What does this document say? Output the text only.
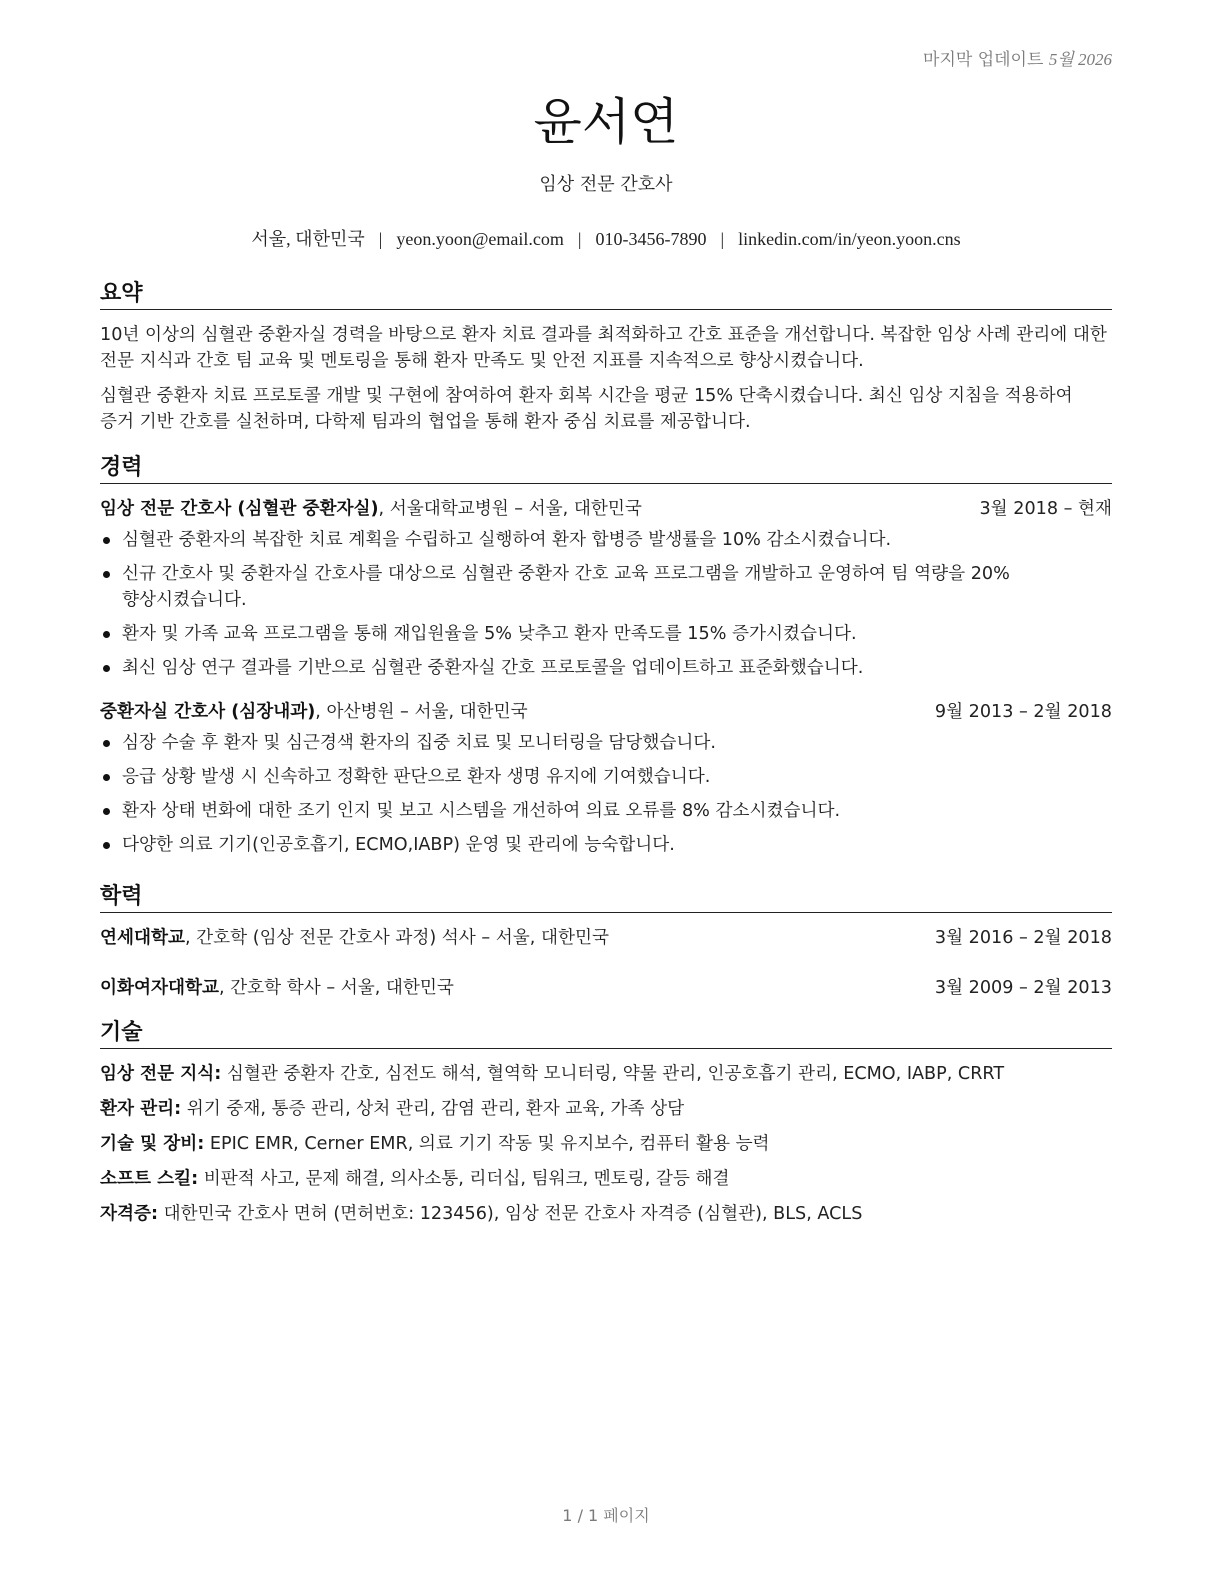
마지막 업데이트 5월 2026
윤서연
임상 전문 간호사
서울, 대한민국 | yeon.yoon@email.com | 010-3456-7890 | linkedin.com/in/yeon.yoon.cns
요약

10년 이상의 심혈관 중환자실 경력을 바탕으로 환자 치료 결과를 최적화하고 간호 표준을 개선합니다. 복잡한 임상 사례 관리에 대한 전문 지식과 간호 팀 교육 및 멘토링을 통해 환자 만족도 및 안전 지표를 지속적으로 향상시켰습니다.

심혈관 중환자 치료 프로토콜 개발 및 구현에 참여하여 환자 회복 시간을 평균 15% 단축시켰습니다. 최신 임상 지침을 적용하여 증거 기반 간호를 실천하며, 다학제 팀과의 협업을 통해 환자 중심 치료를 제공합니다.

경력
임상 전문 간호사 (심혈관 중환자실), 서울대학교병원 – 서울, 대한민국	3월 2018 – 현재
심혈관 중환자의 복잡한 치료 계획을 수립하고 실행하여 환자 합병증 발생률을 10% 감소시켰습니다.
신규 간호사 및 중환자실 간호사를 대상으로 심혈관 중환자 간호 교육 프로그램을 개발하고 운영하여 팀 역량을 20% 향상시켰습니다.
환자 및 가족 교육 프로그램을 통해 재입원율을 5% 낮추고 환자 만족도를 15% 증가시켰습니다.
최신 임상 연구 결과를 기반으로 심혈관 중환자실 간호 프로토콜을 업데이트하고 표준화했습니다.
중환자실 간호사 (심장내과), 아산병원 – 서울, 대한민국	9월 2013 – 2월 2018
심장 수술 후 환자 및 심근경색 환자의 집중 치료 및 모니터링을 담당했습니다.
응급 상황 발생 시 신속하고 정확한 판단으로 환자 생명 유지에 기여했습니다.
환자 상태 변화에 대한 조기 인지 및 보고 시스템을 개선하여 의료 오류를 8% 감소시켰습니다.
다양한 의료 기기(인공호흡기, ECMO,IABP) 운영 및 관리에 능숙합니다.
학력
연세대학교, 간호학 (임상 전문 간호사 과정) 석사 – 서울, 대한민국	3월 2016 – 2월 2018
이화여자대학교, 간호학 학사 – 서울, 대한민국	3월 2009 – 2월 2013
기술
임상 전문 지식: 심혈관 중환자 간호, 심전도 해석, 혈역학 모니터링, 약물 관리, 인공호흡기 관리, ECMO, IABP, CRRT
환자 관리: 위기 중재, 통증 관리, 상처 관리, 감염 관리, 환자 교육, 가족 상담
기술 및 장비: EPIC EMR, Cerner EMR, 의료 기기 작동 및 유지보수, 컴퓨터 활용 능력
소프트 스킬: 비판적 사고, 문제 해결, 의사소통, 리더십, 팀워크, 멘토링, 갈등 해결
자격증: 대한민국 간호사 면허 (면허번호: 123456), 임상 전문 간호사 자격증 (심혈관), BLS, ACLS
1 / 1 페이지
